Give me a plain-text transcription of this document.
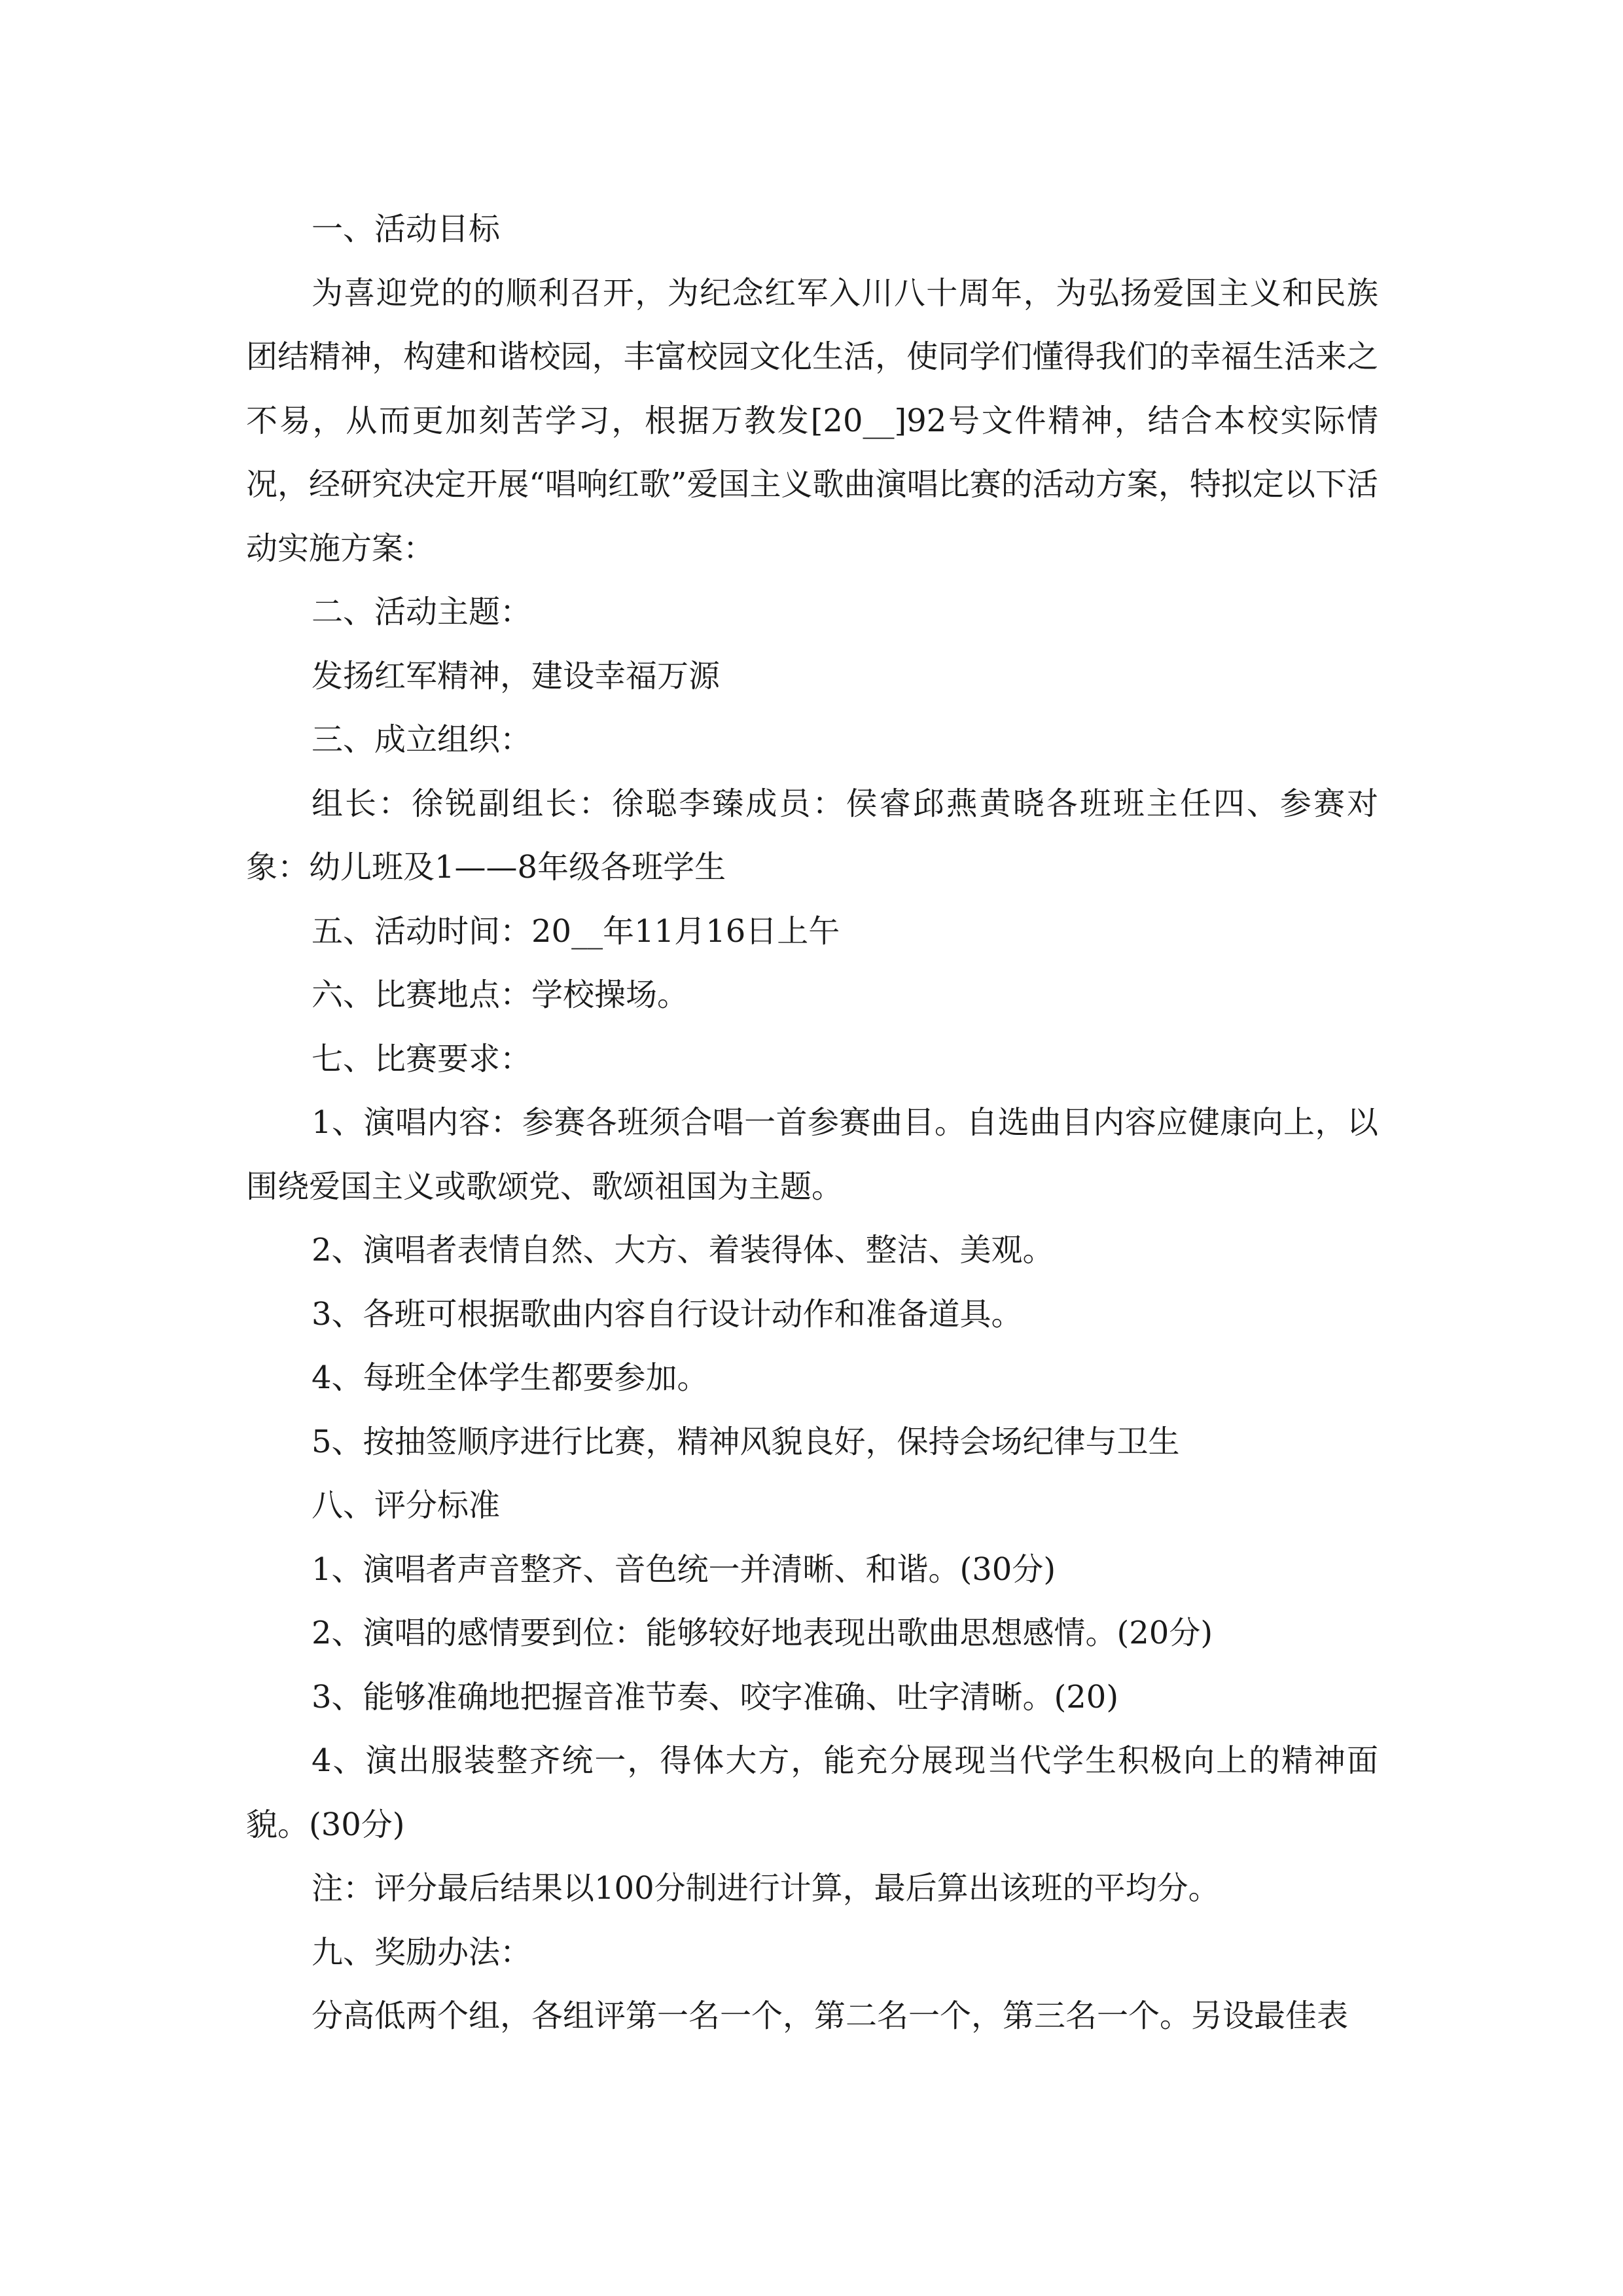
一、活动目标

为喜迎党的的顺利召开，为纪念红军入川八十周年，为弘扬爱国主义和民族团结精神，构建和谐校园，丰富校园文化生活，使同学们懂得我们的幸福生活来之不易，从而更加刻苦学习，根据万教发[20__]92号文件精神，结合本校实际情况，经研究决定开展“唱响红歌”爱国主义歌曲演唱比赛的活动方案，特拟定以下活动实施方案：

二、活动主题：

发扬红军精神，建设幸福万源

三、成立组织：

组长：徐锐副组长：徐聪李臻成员：侯睿邱燕黄晓各班班主任四、参赛对象：幼儿班及1——8年级各班学生

五、活动时间：20__年11月16日上午

六、比赛地点：学校操场。

七、比赛要求：

1、演唱内容：参赛各班须合唱一首参赛曲目。自选曲目内容应健康向上，以围绕爱国主义或歌颂党、歌颂祖国为主题。

2、演唱者表情自然、大方、着装得体、整洁、美观。

3、各班可根据歌曲内容自行设计动作和准备道具。

4、每班全体学生都要参加。

5、按抽签顺序进行比赛，精神风貌良好，保持会场纪律与卫生

八、评分标准

1、演唱者声音整齐、音色统一并清晰、和谐。(30分)

2、演唱的感情要到位：能够较好地表现出歌曲思想感情。(20分)

3、能够准确地把握音准节奏、咬字准确、吐字清晰。(20)

4、演出服装整齐统一，得体大方，能充分展现当代学生积极向上的精神面貌。(30分)

注：评分最后结果以100分制进行计算，最后算出该班的平均分。

九、奖励办法：

分高低两个组，各组评第一名一个，第二名一个，第三名一个。另设最佳表
